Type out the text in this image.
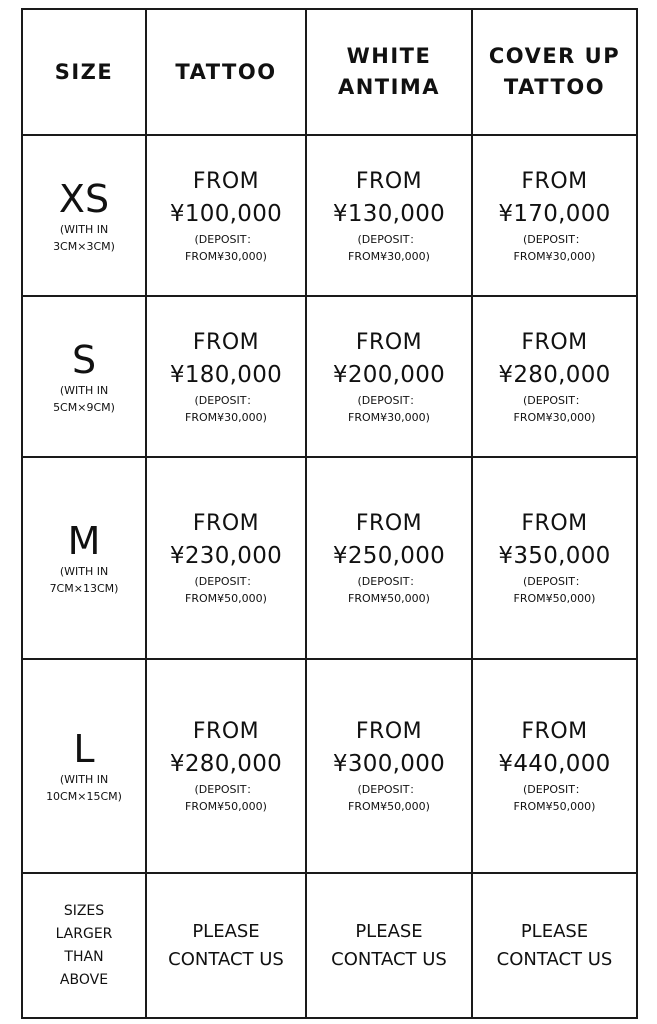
SIZE	TATTOO	WHITE
ANTIMA	COVER UP
TATTOO

XS
(WITH IN
3CM×3CM)	FROM
¥100,000
(DEPOSIT：
FROM¥30,000)	FROM
¥130,000
(DEPOSIT：
FROM¥30,000)	FROM
¥170,000
(DEPOSIT：
FROM¥30,000)

S
(WITH IN
5CM×9CM)	FROM
¥180,000
(DEPOSIT：
FROM¥30,000)	FROM
¥200,000
(DEPOSIT：
FROM¥30,000)	FROM
¥280,000
(DEPOSIT：
FROM¥30,000)

M
(WITH IN
7CM×13CM)	FROM
¥230,000
(DEPOSIT：
FROM¥50,000)	FROM
¥250,000
(DEPOSIT：
FROM¥50,000)	FROM
¥350,000
(DEPOSIT：
FROM¥50,000)

L
(WITH IN
10CM×15CM)	FROM
¥280,000
(DEPOSIT：
FROM¥50,000)	FROM
¥300,000
(DEPOSIT：
FROM¥50,000)	FROM
¥440,000
(DEPOSIT：
FROM¥50,000)

SIZES
LARGER
THAN
ABOVE	PLEASE
CONTACT US	PLEASE
CONTACT US	PLEASE
CONTACT US
